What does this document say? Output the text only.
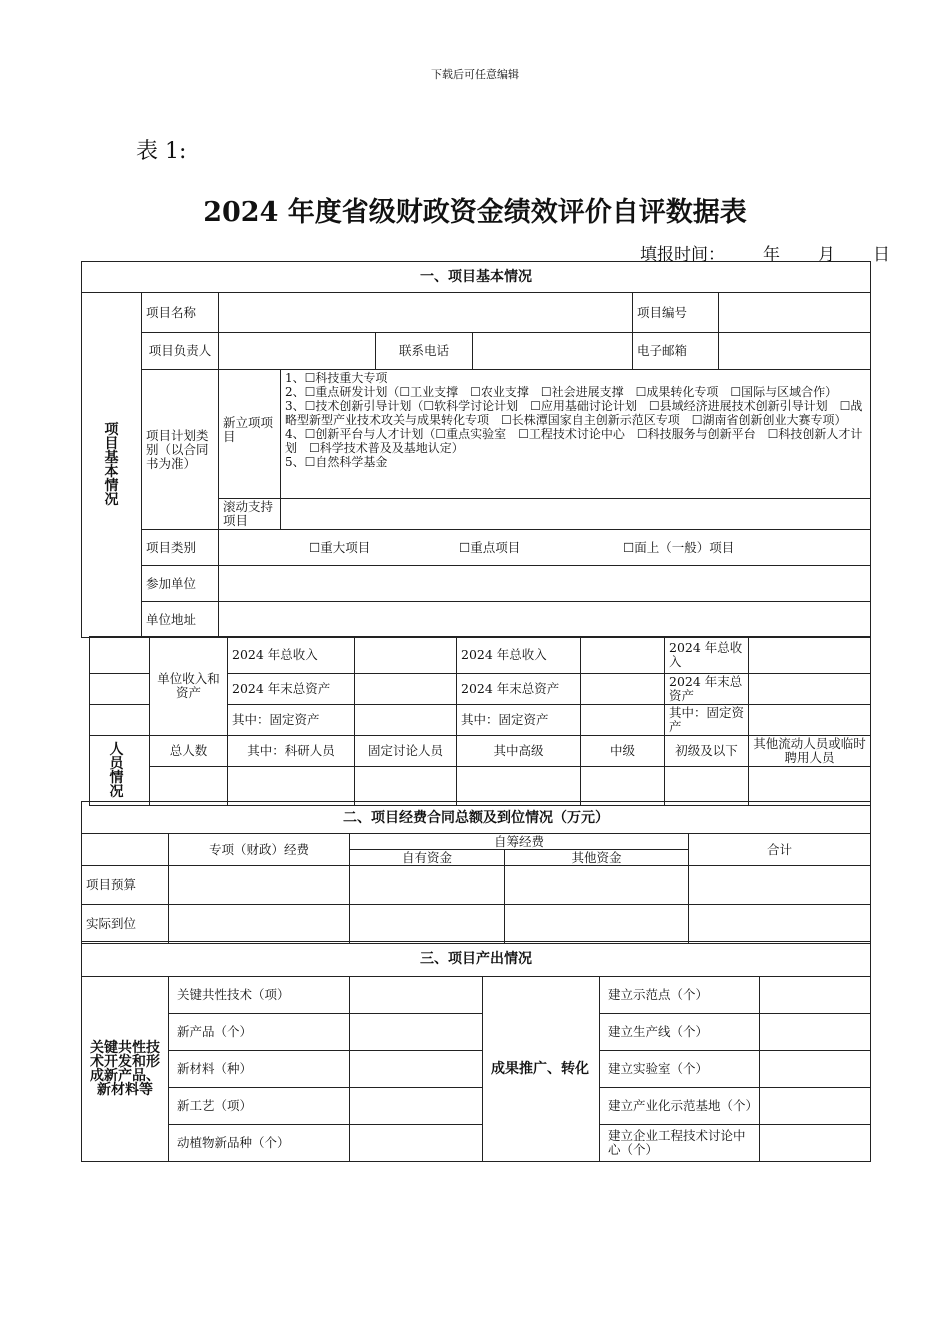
下载后可任意编辑
表 1:
2024 年度省级财政资金绩效评价自评数据表
填报时间： 年 月 日
一、项目基本情况							

项目基本情况	项目名称					项目编号	
	项目负责人			联系电话		电子邮箱	
	项目计划类别（以合同书为准）	新立项项目	1、☐科技重大专项
2、☐重点研发计划（☐工业支撑　☐农业支撑　☐社会进展支撑　☐成果转化专项　☐国际与区域合作）
3、☐技术创新引导计划（☐软科学讨论计划　☐应用基础讨论计划　☐县域经济进展技术创新引导计划　☐战略型新型产业技术攻关与成果转化专项　☐长株潭国家自主创新示范区专项　☐湖南省创新创业大赛专项）
4、☐创新平台与人才计划（☐重点实验室　☐工程技术讨论中心　☐科技服务与创新平台　☐科技创新人才计划　☐科学技术普及及基地认定）
5、☐自然科学基金				

		滚动支持项目					
	项目类别	☐重大项目 ☐重点项目 ☐面上（一般）项目					
	参加单位						
	单位地址						
	单位收入和资产	2024 年总收入		2024 年总收入		2024 年总收入	
		2024 年末总资产		2024 年末总资产		2024 年末总资产	
		其中：固定资产		其中：固定资产		其中：固定资产	

人员情况	总人数	其中：科研人员	固定讨论人员	其中高级	中级	初级及以下	其他流动人员或临时聘用人员

二、项目经费合同总额及到位情况（万元）				
	专项（财政）经费	自筹经费		合计
		自有资金	其他资金	
项目预算				
实际到位				
三、项目产出情况					
关键共性技术开发和形成新产品、新材料等	关键共性技术（项）		成果推广、转化	建立示范点（个）	
	新产品（个）			建立生产线（个）	
	新材料（种）			建立实验室（个）	
	新工艺（项）			建立产业化示范基地（个）	
	动植物新品种（个）			建立企业工程技术讨论中心（个）	
